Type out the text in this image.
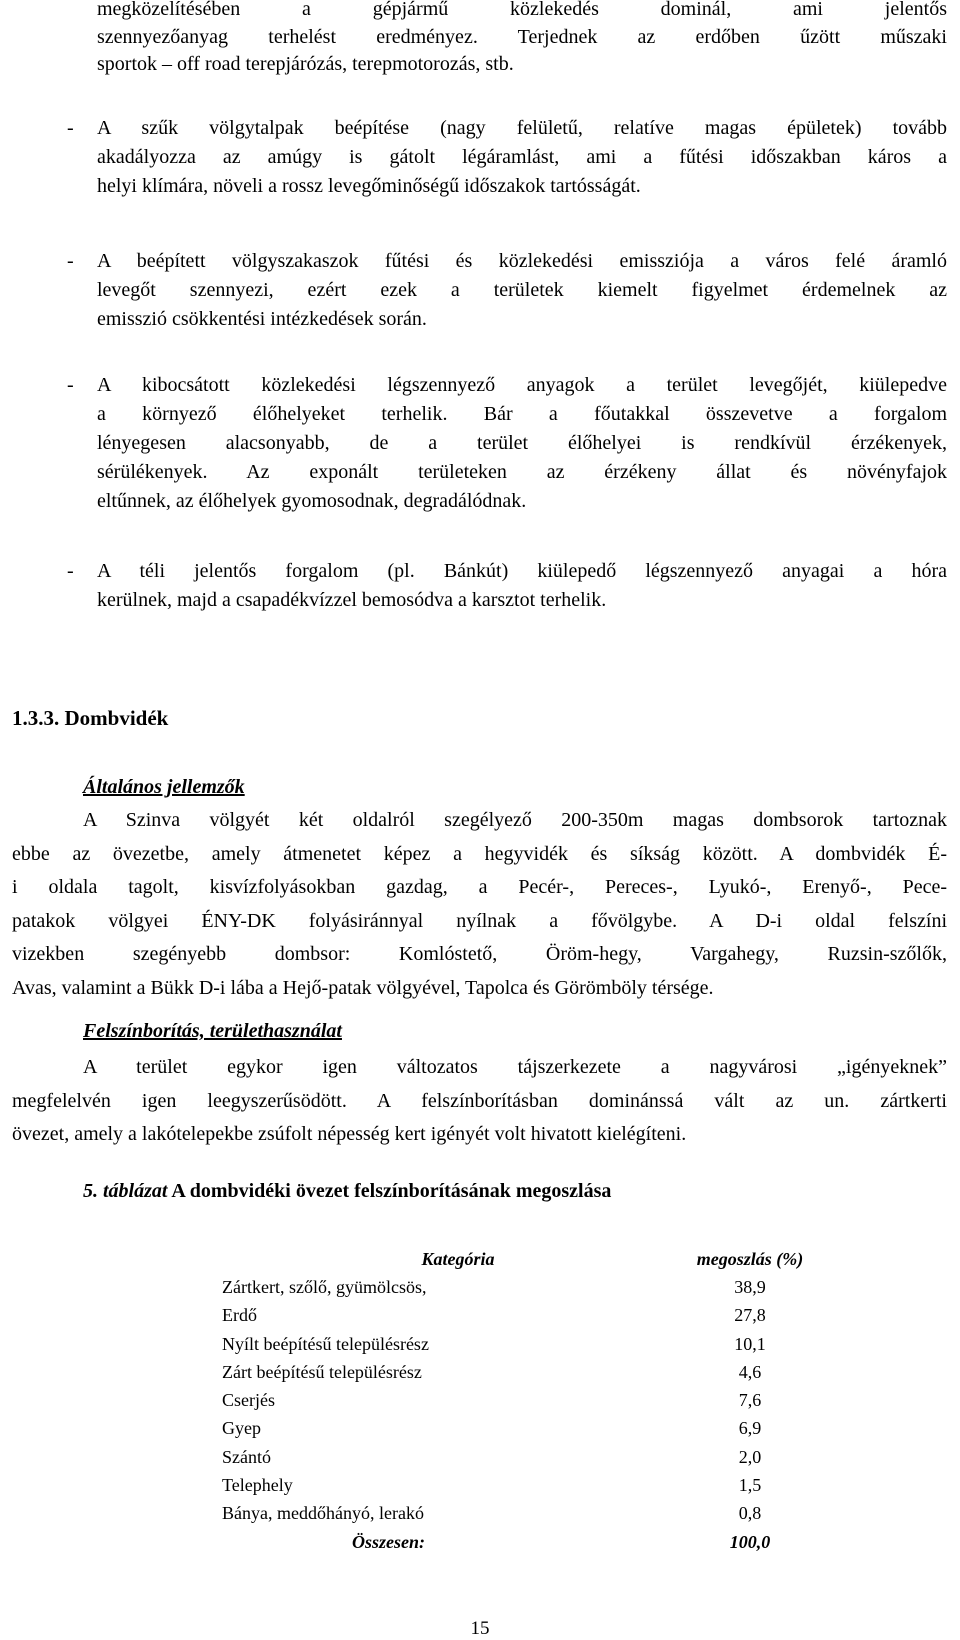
megközelítésében a gépjármű közlekedés dominál, ami jelentős
szennyezőanyag terhelést eredményez. Terjednek az erdőben űzött műszaki
sportok – off road terepjárózás, terepmotorozás, stb.
- A szűk völgytalpak beépítése (nagy felületű, relatíve magas épületek) tovább
akadályozza az amúgy is gátolt légáramlást, ami a fűtési időszakban káros a
helyi klímára, növeli a rossz levegőminőségű időszakok tartósságát.
- A beépített völgyszakaszok fűtési és közlekedési emissziója a város felé áramló
levegőt szennyezi, ezért ezek a területek kiemelt figyelmet érdemelnek az
emisszió csökkentési intézkedések során.
- A kibocsátott közlekedési légszennyező anyagok a terület levegőjét, kiülepedve
a környező élőhelyeket terhelik. Bár a főutakkal összevetve a forgalom
lényegesen alacsonyabb, de a terület élőhelyei is rendkívül érzékenyek,
sérülékenyek. Az exponált területeken az érzékeny állat és növényfajok
eltűnnek, az élőhelyek gyomosodnak, degradálódnak.
- A téli jelentős forgalom (pl. Bánkút) kiülepedő légszennyező anyagai a hóra
kerülnek, majd a csapadékvízzel bemosódva a karsztot terhelik.
1.3.3. Dombvidék
Általános jellemzők
A Szinva völgyét két oldalról szegélyező 200-350m magas dombsorok tartoznak
ebbe az övezetbe, amely átmenetet képez a hegyvidék és síkság között. A dombvidék É-
i oldala tagolt, kisvízfolyásokban gazdag, a Pecér-, Pereces-, Lyukó-, Erenyő-, Pece-
patakok völgyei ÉNY-DK folyásiránnyal nyílnak a fővölgybe. A D-i oldal felszíni
vizekben szegényebb dombsor: Komlóstető, Öröm-hegy, Vargahegy, Ruzsin-szőlők,
Avas, valamint a Bükk D-i lába a Hejő-patak völgyével, Tapolca és Görömböly térsége.
Felszínborítás, területhasználat
A terület egykor igen változatos tájszerkezete a nagyvárosi „igényeknek”
megfelelvén igen leegyszerűsödött. A felszínborításban dominánssá vált az un. zártkerti
övezet, amely a lakótelepekbe zsúfolt népesség kert igényét volt hivatott kielégíteni.
5. táblázat A dombvidéki övezet felszínborításának megoszlása
Kategória	megoszlás (%)
Zártkert, szőlő, gyümölcsös,	38,9
Erdő	27,8
Nyílt beépítésű településrész	10,1
Zárt beépítésű településrész	4,6
Cserjés	7,6
Gyep	6,9
Szántó	2,0
Telephely	1,5
Bánya, meddőhányó, lerakó	0,8
Összesen:	100,0
15
